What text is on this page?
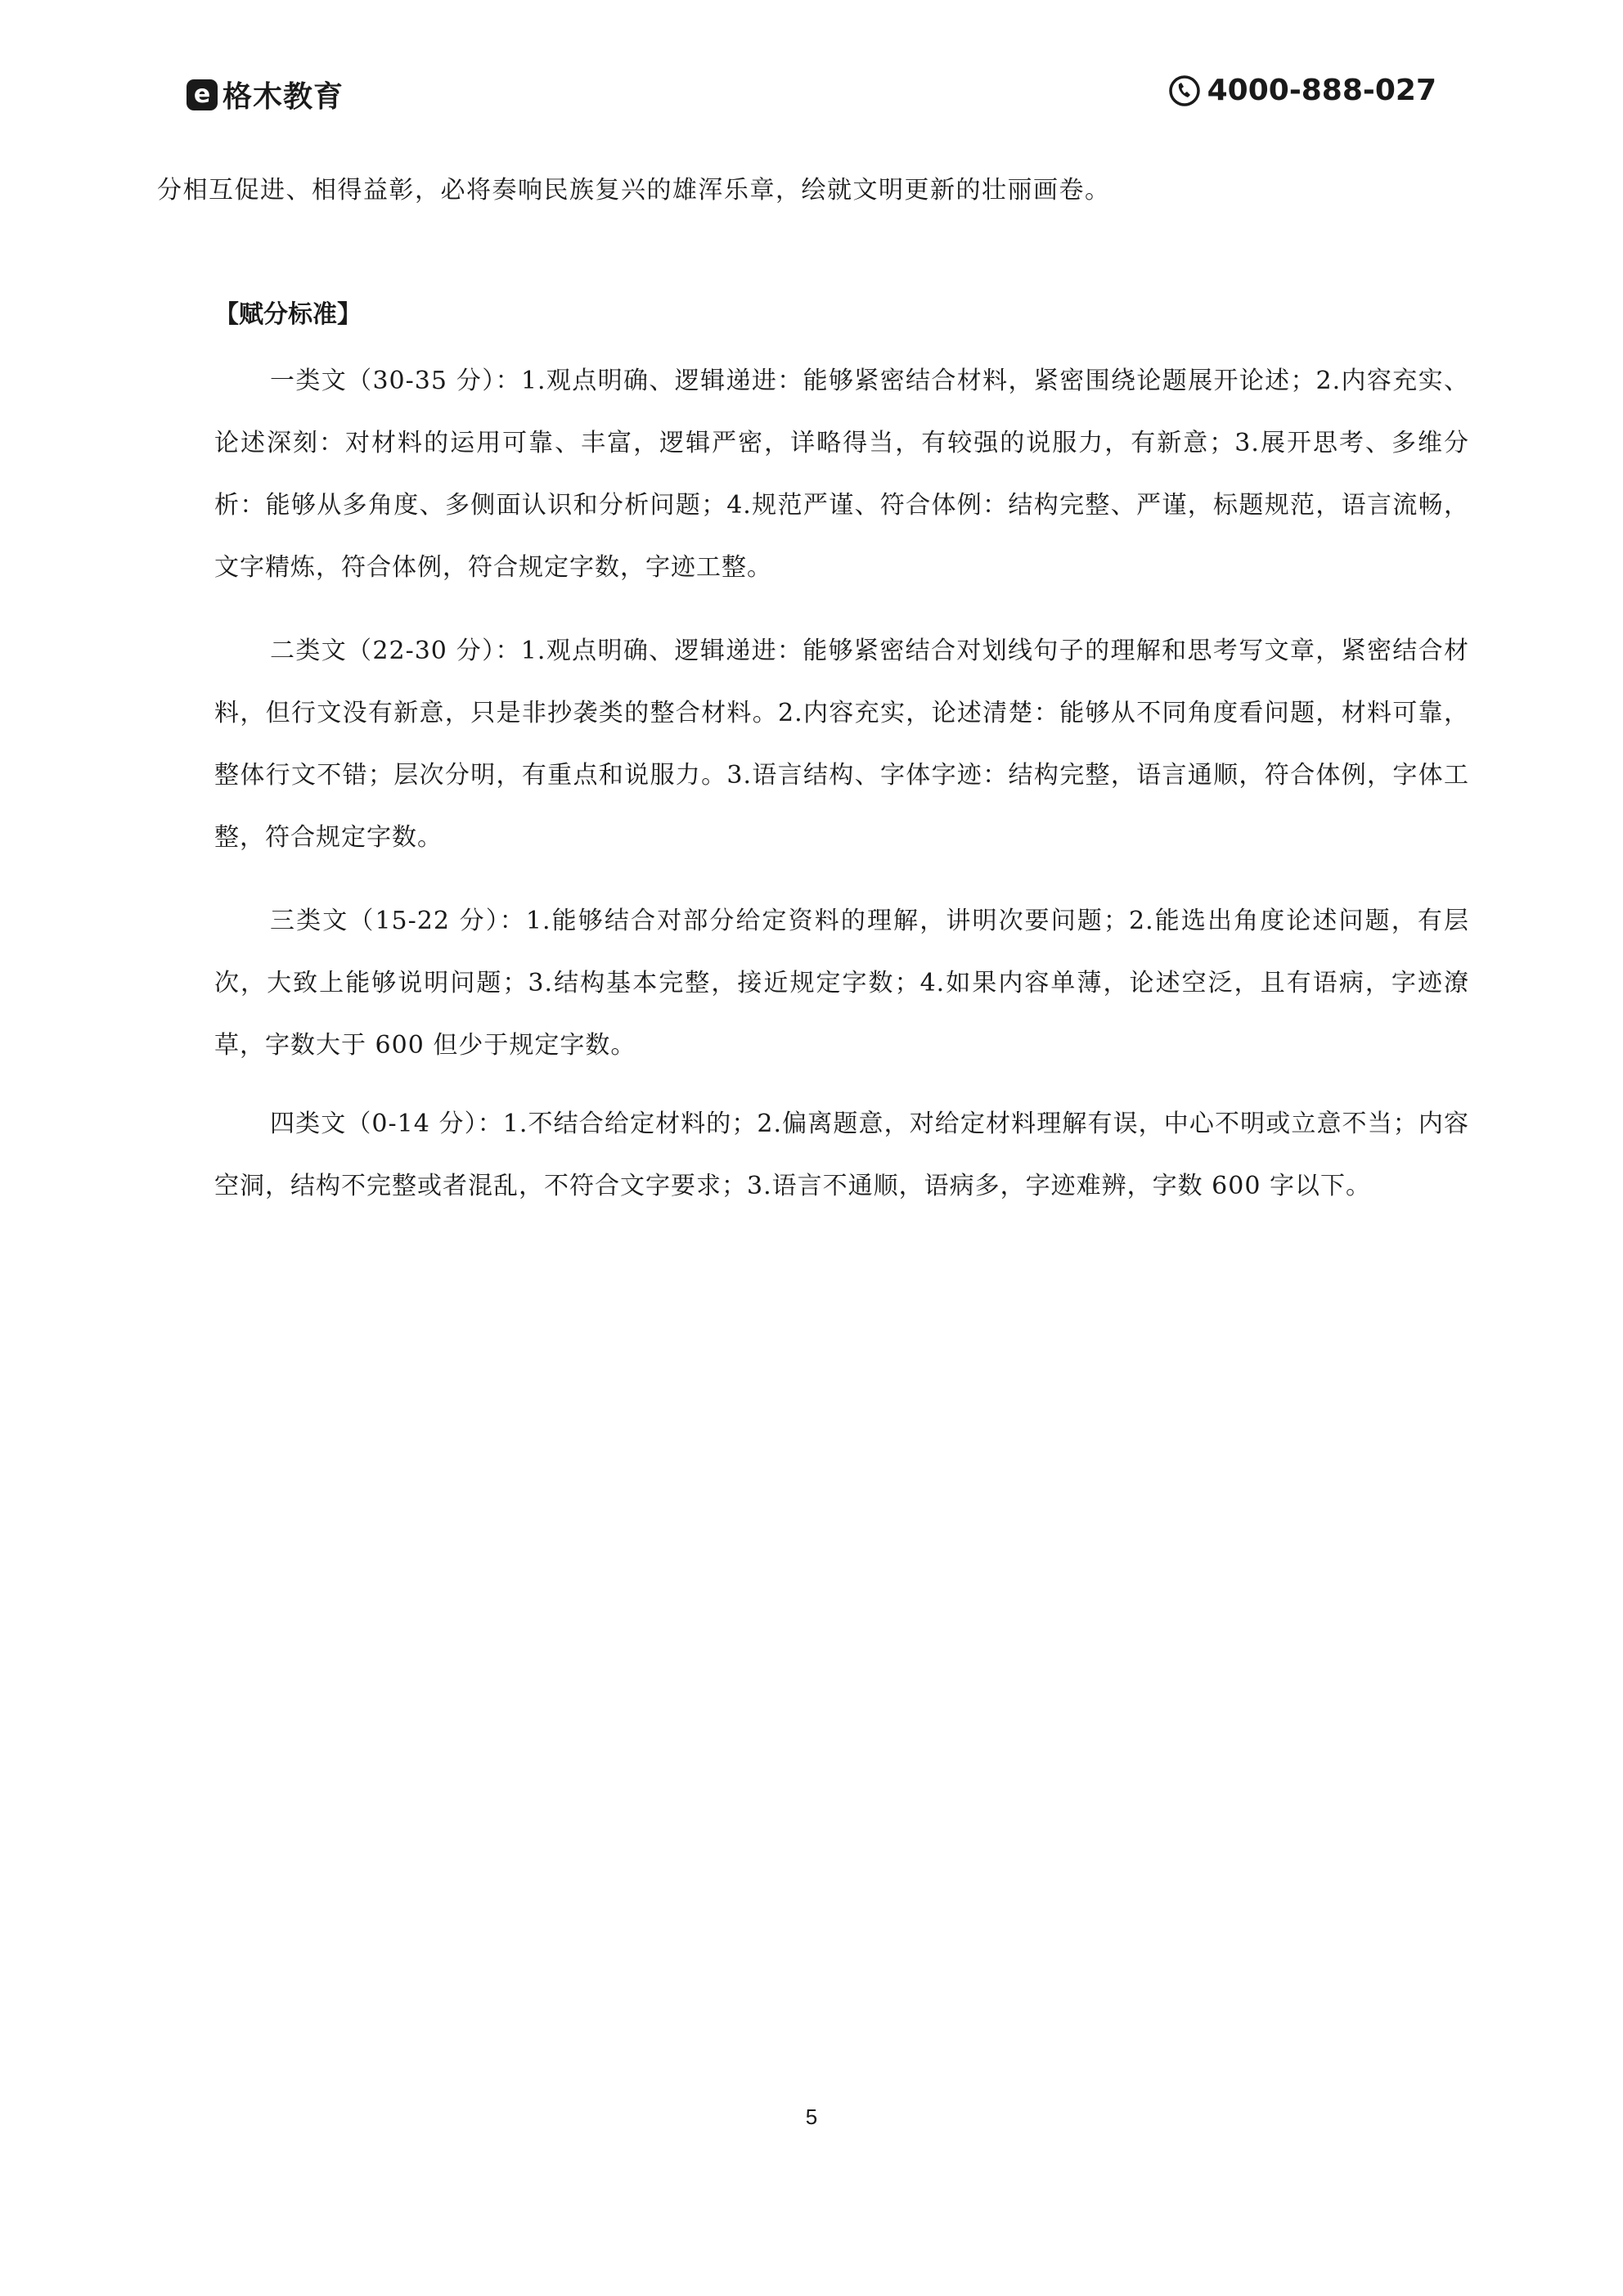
e 格木教育	4000-888-027
分相互促进、相得益彰，必将奏响民族复兴的雄浑乐章，绘就文明更新的壮丽画卷。
【赋分标准】

一类文（30-35 分）：1.观点明确、逻辑递进：能够紧密结合材料，紧密围绕论题展开论述；2.内容充实、论述深刻：对材料的运用可靠、丰富，逻辑严密，详略得当，有较强的说服力，有新意；3.展开思考、多维分析：能够从多角度、多侧面认识和分析问题；4.规范严谨、符合体例：结构完整、严谨，标题规范，语言流畅，文字精炼，符合体例，符合规定字数，字迹工整。

二类文（22-30 分）：1.观点明确、逻辑递进：能够紧密结合对划线句子的理解和思考写文章，紧密结合材料，但行文没有新意，只是非抄袭类的整合材料。2.内容充实，论述清楚：能够从不同角度看问题，材料可靠，整体行文不错；层次分明，有重点和说服力。3.语言结构、字体字迹：结构完整，语言通顺，符合体例，字体工整，符合规定字数。

三类文（15-22 分）：1.能够结合对部分给定资料的理解，讲明次要问题；2.能选出角度论述问题，有层次，大致上能够说明问题；3.结构基本完整，接近规定字数；4.如果内容单薄，论述空泛，且有语病，字迹潦草，字数大于 600 但少于规定字数。

四类文（0-14 分）：1.不结合给定材料的；2.偏离题意，对给定材料理解有误，中心不明或立意不当；内容空洞，结构不完整或者混乱，不符合文字要求；3.语言不通顺，语病多，字迹难辨，字数 600 字以下。

5
